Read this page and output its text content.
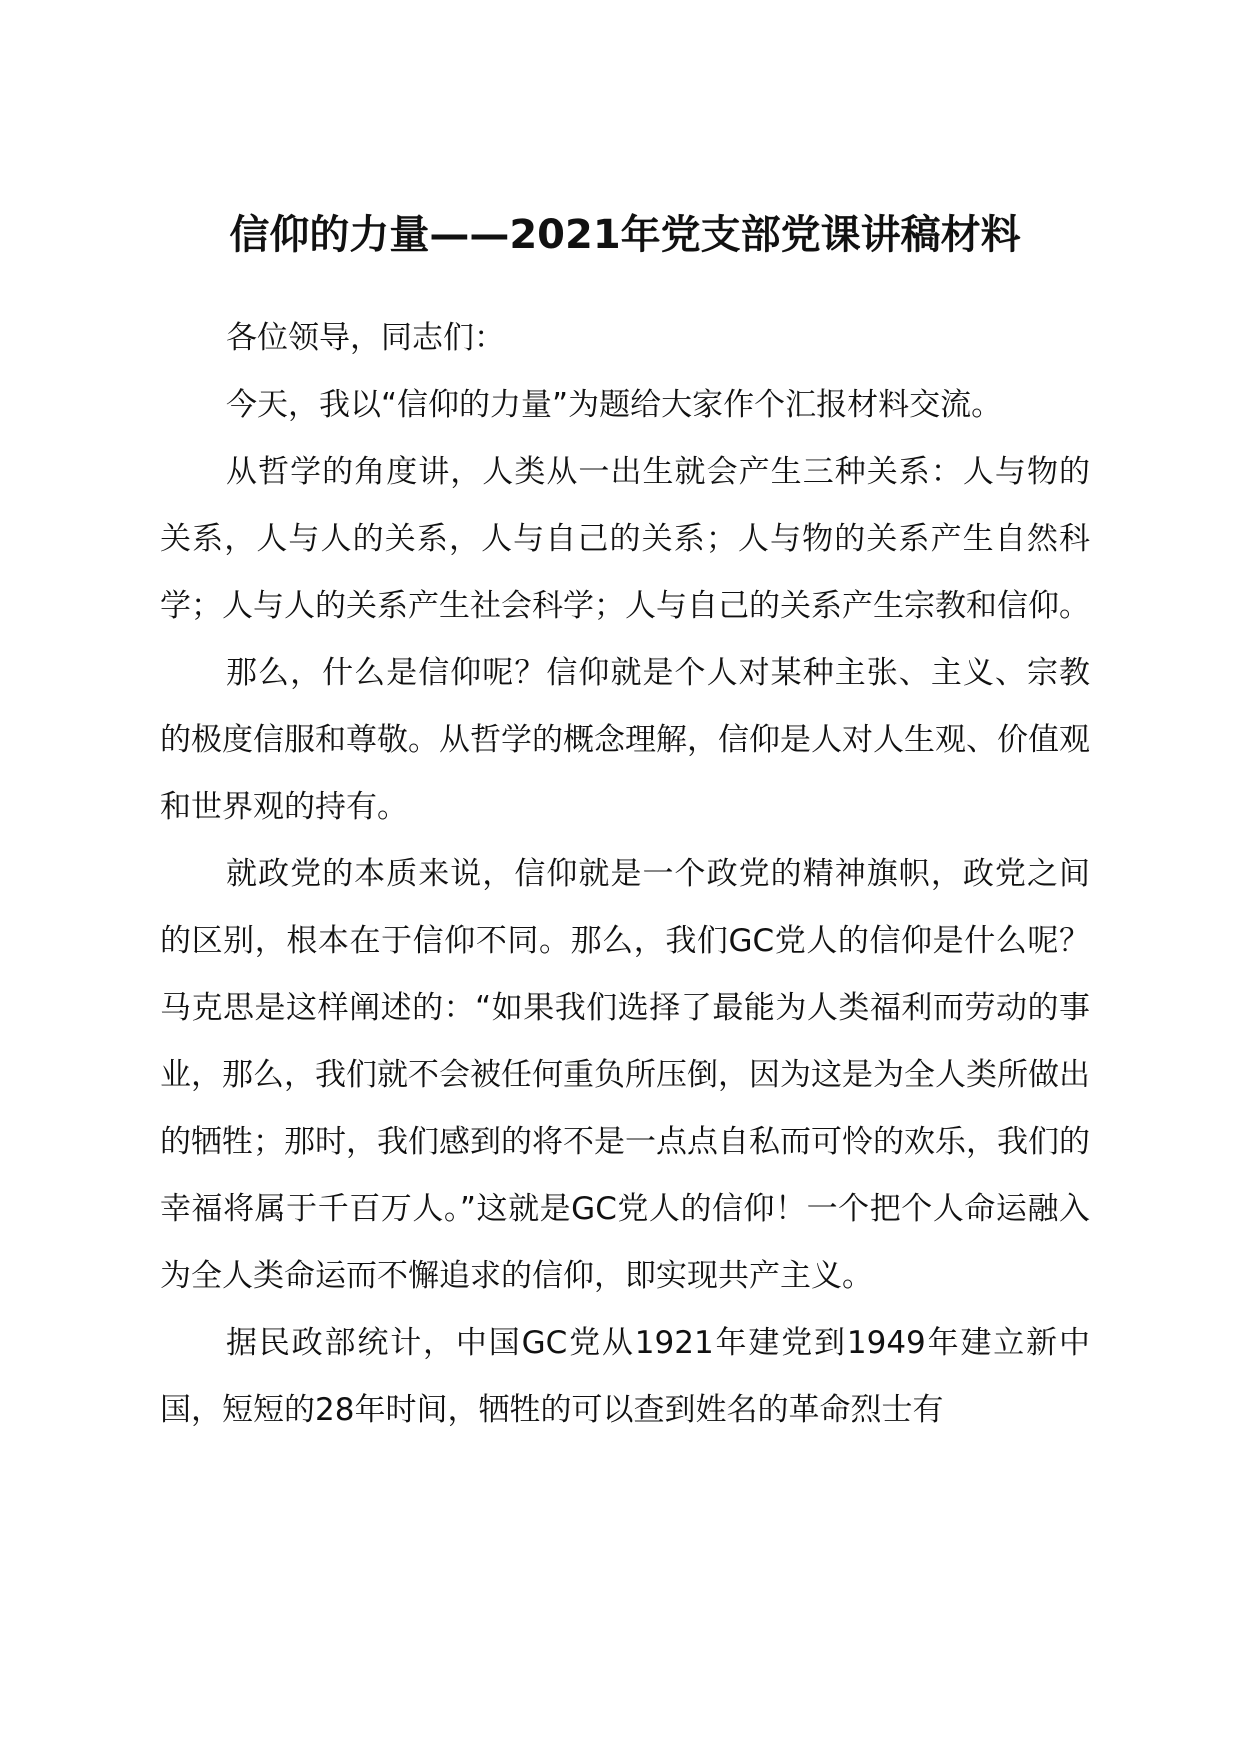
信仰的力量——2021年党支部党课讲稿材料

各位领导，同志们：

今天，我以“信仰的力量”为题给大家作个汇报材料交流。

从哲学的角度讲，人类从一出生就会产生三种关系：人与物的关系，人与人的关系，人与自己的关系；人与物的关系产生自然科学；人与人的关系产生社会科学；人与自己的关系产生宗教和信仰。

那么，什么是信仰呢？信仰就是个人对某种主张、主义、宗教的极度信服和尊敬。从哲学的概念理解，信仰是人对人生观、价值观和世界观的持有。

就政党的本质来说，信仰就是一个政党的精神旗帜，政党之间的区别，根本在于信仰不同。那么，我们GC党人的信仰是什么呢？马克思是这样阐述的：“如果我们选择了最能为人类福利而劳动的事业，那么，我们就不会被任何重负所压倒，因为这是为全人类所做出的牺牲；那时，我们感到的将不是一点点自私而可怜的欢乐，我们的幸福将属于千百万人。”这就是GC党人的信仰！一个把个人命运融入为全人类命运而不懈追求的信仰，即实现共产主义。

据民政部统计，中国GC党从1921年建党到1949年建立新中国，短短的28年时间，牺牲的可以查到姓名的革命烈士有
